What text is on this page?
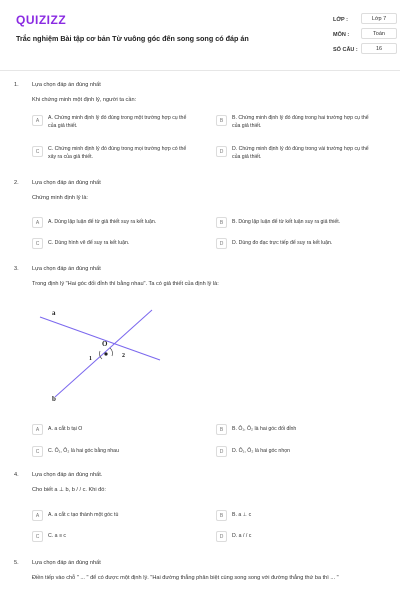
QUIZIZZ
Trắc nghiệm Bài tập cơ bản Từ vuông góc đến song song có đáp án
LỚP :	Lớp 7
MÔN :	Toán
SỐ CÂU :	16
1. Lựa chọn đáp án đúng nhất
Khi chứng minh một định lý, người ta cần:
A	A. Chứng minh định lý đó đúng trong một trường hợp cụ thể của giả thiết.
B	B. Chứng minh định lý đó đúng trong hai trường hợp cụ thể của giả thiết.
C	C. Chứng minh định lý đó đúng trong mọi trường hợp có thể xảy ra của giả thiết.
D	D. Chứng minh định lý đó đúng trong vài trường hợp cụ thể của giả thiết.
2. Lựa chọn đáp án đúng nhất
Chứng minh định lý là:
A	A. Dùng lập luận để từ giả thiết suy ra kết luận.	B	B. Dùng lập luận để từ kết luận suy ra giả thiết.
C	C. Dùng hình vẽ để suy ra kết luận.	D	D. Dùng đo đạc trực tiếp để suy ra kết luận.
3. Lựa chọn đáp án đúng nhất
Trong định lý "Hai góc đối đỉnh thì bằng nhau". Ta có giả thiết của định lý là:
a
b
O
1	2
A	A. a cắt b tại O	B	B. Ô₁, Ô₂ là hai góc đối đỉnh
C	C. Ô₁, Ô₂ là hai góc bằng nhau	D	D. Ô₁, Ô₂ là hai góc nhọn
4. Lựa chọn đáp án đúng nhất.
Cho biết a ⊥ b, b / / c. Khi đó:
A	A. a cắt c tạo thành một góc tù	B	B. a ⊥ c
C	C. a ≡ c	D	D. a / / c
5. Lựa chọn đáp án đúng nhất
Điền tiếp vào chỗ " ... " để có được một định lý. "Hai đường thẳng phân biệt cùng song song với đường thẳng thứ ba thì ... "
